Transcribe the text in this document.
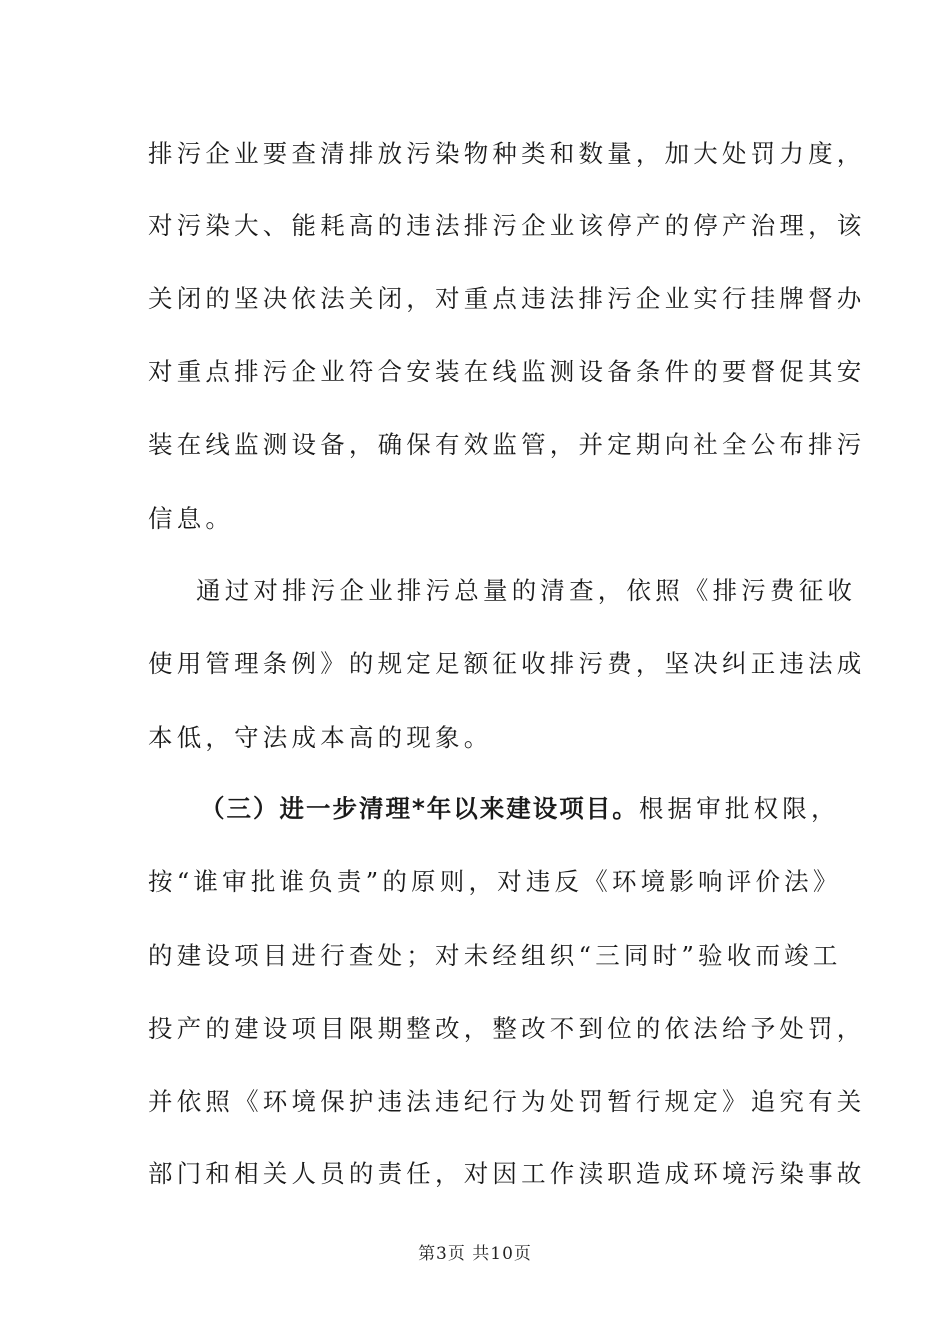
排污企业要查清排放污染物种类和数量，加大处罚力度，
对污染大、能耗高的违法排污企业该停产的停产治理，该
关闭的坚决依法关闭，对重点违法排污企业实行挂牌督办
对重点排污企业符合安装在线监测设备条件的要督促其安
装在线监测设备，确保有效监管，并定期向社全公布排污
信息。
通过对排污企业排污总量的清查，依照《排污费征收
使用管理条例》的规定足额征收排污费，坚决纠正违法成
本低，守法成本高的现象。
（三）进一步清理*年以来建设项目。根据审批权限，
按“谁审批谁负责”的原则，对违反《环境影响评价法》
的建设项目进行查处；对未经组织“三同时”验收而竣工
投产的建设项目限期整改，整改不到位的依法给予处罚，
并依照《环境保护违法违纪行为处罚暂行规定》追究有关
部门和相关人员的责任，对因工作渎职造成环境污染事故
第3页 共10页
